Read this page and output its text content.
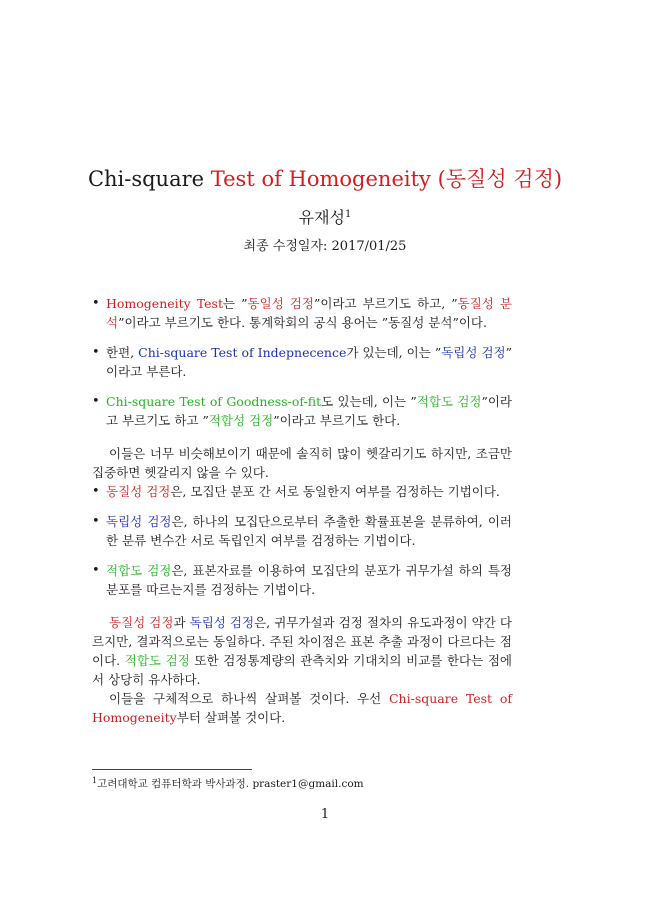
Chi-square Test of Homogeneity (동질성 검정)
유재성$^1$
최종 수정일자: 2017/01/25
• Homogeneity Test는 ”동일성 검정”이라고 부르기도 하고, ”동질성 분석”이라고 부르기도 한다. 통계학회의 공식 용어는 ”동질성 분석”이다.
• 한편, Chi-square Test of Indepnecence가 있는데, 이는 ”독립성 검정” 이라고 부른다.
• Chi-square Test of Goodness-of-fit도 있는데, 이는 ”적합도 검정”이라고 부르기도 하고 ”적합성 검정”이라고 부르기도 한다.

이들은 너무 비슷해보이기 때문에 솔직히 많이 헷갈리기도 하지만, 조금만 집중하면 헷갈리지 않을 수 있다.

• 동질성 검정은, 모집단 분포 간 서로 동일한지 여부를 검정하는 기법이다.
• 독립성 검정은, 하나의 모집단으로부터 추출한 확률표본을 분류하여, 이러한 분류 변수간 서로 독립인지 여부를 검정하는 기법이다.
• 적합도 검정은, 표본자료를 이용하여 모집단의 분포가 귀무가설 하의 특정 분포를 따르는지를 검정하는 기법이다.

동질성 검정과 독립성 검정은, 귀무가설과 검정 절차의 유도과정이 약간 다르지만, 결과적으로는 동일하다. 주된 차이점은 표본 추출 과정이 다르다는 점이다. 적합도 검정 또한 검정통계량의 관측치와 기대치의 비교를 한다는 점에서 상당히 유사하다.

이들을 구체적으로 하나씩 살펴볼 것이다. 우선 Chi-square Test of Homogeneity부터 살펴볼 것이다.

$^1$고려대학교 컴퓨터학과 박사과정. praster1@gmail.com
1
